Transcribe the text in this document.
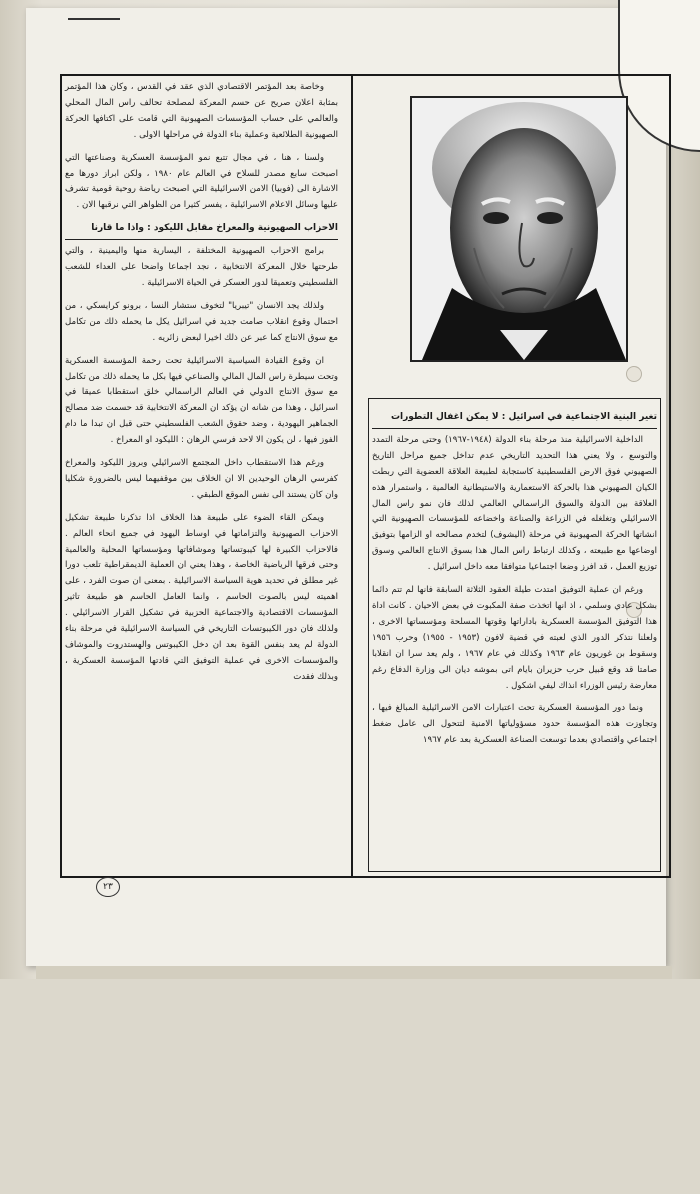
وخاصة بعد المؤتمر الاقتصادي الذي عقد في القدس ، وكان هذا المؤتمر بمثابة اعلان صريح عن حسم المعركة لمصلحة تحالف راس المال المحلي والعالمي على حساب المؤسسات الصهيونية التي قامت على اكتافها الحركة الصهيونية الطلائعية وعملية بناء الدولة في مراحلها الاولى .

ولسنا ، هنا ، في مجال تتبع نمو المؤسسة العسكرية وصناعتها التي اصبحت سابع مصدر للسلاح في العالم عام ١٩٨٠ ، ولكن ابراز دورها مع الاشارة الى (فوبيا) الامن الاسرائيلية التي اصبحت رياضة روحية قومية تشرف عليها وسائل الاعلام الاسرائيلية ، يفسر كثيرا من الظواهر التي نرقبها الان .

الاحزاب الصهيونية والمعراخ مقابل الليكود : واذا ما قارنا

برامج الاحزاب الصهيونية المختلفة ، اليسارية منها واليمينية ، والتي طرحتها خلال المعركة الانتخابية ، نجد اجماعا واضحا على العداء للشعب الفلسطيني وتعميقا لدور العسكر في الحياة الاسرائيلية .

ولذلك يجد الانسان "تيبريا" لتخوف ستشار النسا ، برونو كرايسكي ، من احتمال وقوع انقلاب صامت جديد في اسرائيل يكل ما يحمله ذلك من تكامل مع سوق الانتاج كما عبر عن ذلك اخيرا لبعض زائريه .

ان وقوع القيادة السياسية الاسرائيلية تحت رحمة المؤسسة العسكرية وتحت سيطرة راس المال المالي والصناعي فيها بكل ما يحمله ذلك من تكامل مع سوق الانتاج الدولي في العالم الراسمالي خلق استقطابا عميقا في اسرائيل ، وهذا من شانه ان يؤكد ان المعركة الانتخابية قد حسمت ضد مصالح الجماهير اليهودية ، وضد حقوق الشعب الفلسطيني حتى قبل ان تبدا ما دام الفوز فيها ، لن يكون الا لاحد فرسي الرهان : الليكود او المعراخ .

ورغم هذا الاستقطاب داخل المجتمع الاسرائيلي وبروز الليكود والمعراخ كفرسي الرهان الوحيدين الا ان الخلاف بين موقفيهما ليس بالضرورة شكليا وان كان يستند الى نفس الموقع الطبقي .

ويمكن القاء الضوء على طبيعة هذا الخلاف اذا تذكرنا طبيعة تشكيل الاحزاب الصهيونية والتزاماتها في اوساط اليهود في جميع انحاء العالم . فالاحزاب الكبيرة لها كيبوتساتها وموشافاتها ومؤسساتها المحلية والعالمية وحتى فرقها الرياضية الخاصة ، وهذا يعني ان العملية الديمقراطية تلعب دورا غير مطلق في تحديد هوية السياسة الاسرائيلية . بمعنى ان صوت الفرد ، على اهميته ليس بالصوت الحاسم ، وانما العامل الحاسم هو طبيعة تاثير المؤسسات الاقتصادية والاجتماعية الحزبية في تشكيل القرار الاسرائيلي . ولذلك فان دور الكيبوتسات التاريخي في السياسة الاسرائيلية في مرحلة بناء الدولة لم يعد بنفس القوة بعد ان دخل الكيبوتس والهستدروت والموشاف والمؤسسات الاخرى في عملية التوفيق التي قادتها المؤسسة العسكرية ، وبذلك فقدت

تغير البنية الاجتماعية في اسرائيل : لا يمكن اغفال التطورات

الداخلية الاسرائيلية منذ مرحلة بناء الدولة (١٩٤٨-١٩٦٧) وحتى مرحلة التمدد والتوسع ، ولا يعني هذا التحديد التاريخي عدم تداخل جميع مراحل التاريخ الصهيوني فوق الارض الفلسطينية كاستجابة لطبيعة العلاقة العضوية التي ربطت الكيان الصهيوني هذا بالحركة الاستعمارية والاستيطانية العالمية ، واستمرار هذه العلاقة بين الدولة والسوق الراسمالي العالمي لذلك فان نمو راس المال الاسرائيلي وتغلغله في الزراعة والصناعة واخضاعه للمؤسسات الصهيونية التي انشاتها الحركة الصهيونية في مرحلة (اليشوف) لتخدم مصالحه او الزامها بتوفيق اوضاعها مع طبيعته ، وكذلك ارتباط راس المال هذا بسوق الانتاج العالمي وسوق توزيع العمل ، قد افرز وضعا اجتماعيا متوافقا معه داخل اسرائيل .

ورغم ان عملية التوفيق امتدت طيلة العقود الثلاثة السابقة فانها لم تتم دائما بشكل عادي وسلمي ، اذ انها اتخذت صفة المكبوت في بعض الاحيان . كانت اداة هذا التوفيق المؤسسة العسكرية باداراتها وقوتها المسلحة ومؤسساتها الاخرى ، ولعلنا نتذكر الدور الذي لعبته في قضية لافون (١٩٥٣ - ١٩٥٥) وحرب ١٩٥٦ وسقوط بن غوريون عام ١٩٦٣ وكذلك في عام ١٩٦٧ ، ولم يعد سرا ان انقلابا صامتا قد وقع قبيل حرب حزيران بايام اتى بموشه ديان الى وزارة الدفاع رغم معارضة رئيس الوزراء انذاك ليفي اشكول .

ونما دور المؤسسة العسكرية تحت اعتبارات الامن الاسرائيلية المبالغ فيها ، وتجاوزت هذه المؤسسة حدود مسؤولياتها الامنية لتتحول الى عامل ضغط اجتماعي واقتصادي بعدما توسعت الصناعة العسكرية بعد عام ١٩٦٧

٢٣
